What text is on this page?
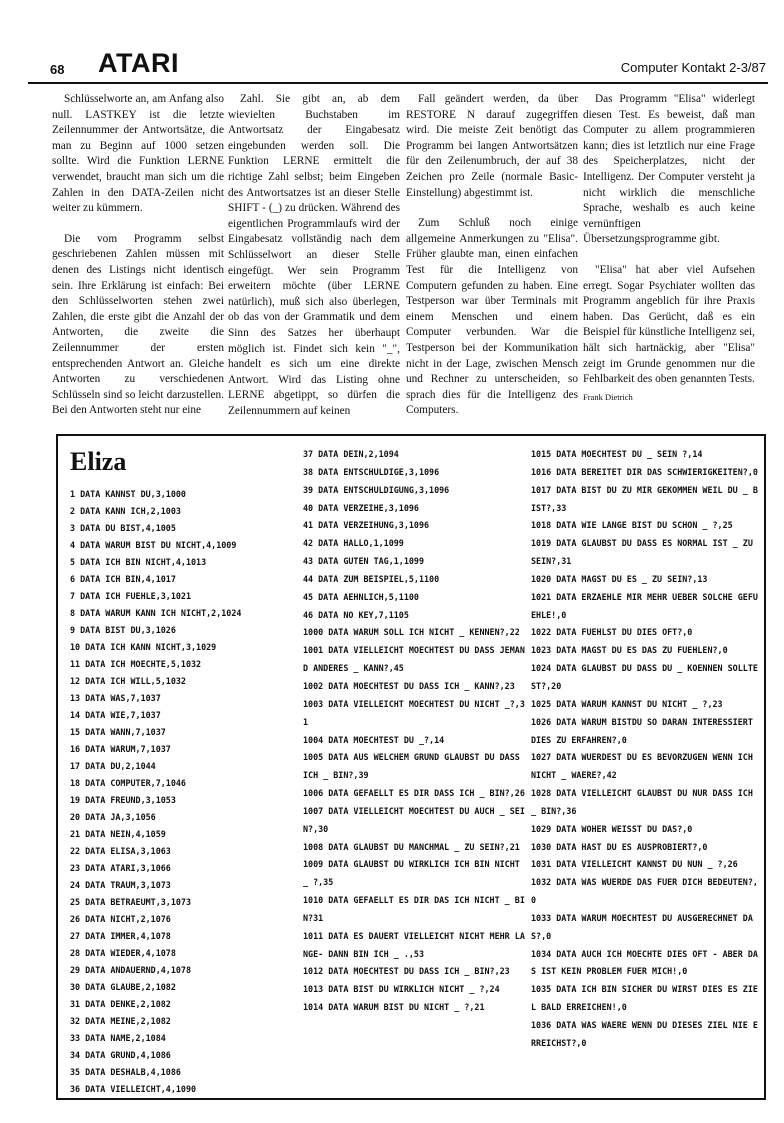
68 ATARI	Computer Kontakt 2-3/87

Schlüsselworte an, am Anfang also null. LASTKEY ist die letzte Zeilennummer der Antwortsätze, die man zu Beginn auf 1000 setzen sollte. Wird die Funktion LERNE verwendet, braucht man sich um die Zahlen in den DATA-Zeilen nicht weiter zu kümmern.

Die vom Programm selbst geschriebenen Zahlen müssen mit denen des Listings nicht identisch sein. Ihre Erklärung ist einfach: Bei den Schlüsselworten stehen zwei Zahlen, die erste gibt die Anzahl der Antworten, die zweite die Zeilennummer der ersten entsprechenden Antwort an. Gleiche Antworten zu verschiedenen Schlüsseln sind so leicht darzustellen. Bei den Antworten steht nur eine

Zahl. Sie gibt an, ab dem wievielten Buchstaben im Antwortsatz der Eingabesatz eingebunden werden soll. Die Funktion LERNE ermittelt die richtige Zahl selbst; beim Eingeben des Antwortsatzes ist an dieser Stelle SHIFT - (_) zu drücken. Während des eigentlichen Programmlaufs wird der Eingabesatz vollständig nach dem Schlüsselwort an dieser Stelle eingefügt. Wer sein Programm erweitern möchte (über LERNE natürlich), muß sich also überlegen, ob das von der Grammatik und dem Sinn des Satzes her überhaupt möglich ist. Findet sich kein "_", handelt es sich um eine direkte Antwort. Wird das Listing ohne LERNE abgetippt, so dürfen die Zeilennummern auf keinen

Fall geändert werden, da über RESTORE N darauf zugegriffen wird. Die meiste Zeit benötigt das Programm bei langen Antwortsätzen für den Zeilenumbruch, der auf 38 Zeichen pro Zeile (normale Basic-Einstellung) abgestimmt ist.

Zum Schluß noch einige allgemeine Anmerkungen zu "Elisa". Früher glaubte man, einen einfachen Test für die Intelligenz von Computern gefunden zu haben. Eine Testperson war über Terminals mit einem Menschen und einem Computer verbunden. War die Testperson bei der Kommunikation nicht in der Lage, zwischen Mensch und Rechner zu unterscheiden, so sprach dies für die Intelligenz des Computers.

Das Programm "Elisa" widerlegt diesen Test. Es beweist, daß man Computer zu allem programmieren kann; dies ist letztlich nur eine Frage des Speicherplatzes, nicht der Intelligenz. Der Computer versteht ja nicht wirklich die menschliche Sprache, weshalb es auch keine vernünftigen Übersetzungsprogramme gibt.

"Elisa" hat aber viel Aufsehen erregt. Sogar Psychiater wollten das Programm angeblich für ihre Praxis haben. Das Gerücht, daß es ein Beispiel für künstliche Intelligenz sei, hält sich hartnäckig, aber "Elisa" zeigt im Grunde genommen nur die Fehlbarkeit des oben genannten Tests.

Frank Dietrich
Eliza
1 DATA KANNST DU,3,1000
2 DATA KANN ICH,2,1003
3 DATA DU BIST,4,1005
4 DATA WARUM BIST DU NICHT,4,1009
5 DATA ICH BIN NICHT,4,1013
6 DATA ICH BIN,4,1017
7 DATA ICH FUEHLE,3,1021
8 DATA WARUM KANN ICH NICHT,2,1024
9 DATA BIST DU,3,1026
10 DATA ICH KANN NICHT,3,1029
11 DATA ICH MOECHTE,5,1032
12 DATA ICH WILL,5,1032
13 DATA WAS,7,1037
14 DATA WIE,7,1037
15 DATA WANN,7,1037
16 DATA WARUM,7,1037
17 DATA DU,2,1044
18 DATA COMPUTER,7,1046
19 DATA FREUND,3,1053
20 DATA JA,3,1056
21 DATA NEIN,4,1059
22 DATA ELISA,3,1063
23 DATA ATARI,3,1066
24 DATA TRAUM,3,1073
25 DATA BETRAEUMT,3,1073
26 DATA NICHT,2,1076
27 DATA IMMER,4,1078
28 DATA WIEDER,4,1078
29 DATA ANDAUERND,4,1078
30 DATA GLAUBE,2,1082
31 DATA DENKE,2,1082
32 DATA MEINE,2,1082
33 DATA NAME,2,1084
34 DATA GRUND,4,1086
35 DATA DESHALB,4,1086
36 DATA VIELLEICHT,4,1090
37 DATA DEIN,2,1094
38 DATA ENTSCHULDIGE,3,1096
39 DATA ENTSCHULDIGUNG,3,1096
40 DATA VERZEIHE,3,1096
41 DATA VERZEIHUNG,3,1096
42 DATA HALLO,1,1099
43 DATA GUTEN TAG,1,1099
44 DATA ZUM BEISPIEL,5,1100
45 DATA AEHNLICH,5,1100
46 DATA NO KEY,7,1105
1000 DATA WARUM SOLL ICH NICHT _ KENNEN?,22
1001 DATA VIELLEICHT MOECHTEST DU DASS JEMAND ANDERES _ KANN?,45
1002 DATA MOECHTEST DU DASS ICH _ KANN?,23
1003 DATA VIELLEICHT MOECHTEST DU NICHT _?,31
1004 DATA MOECHTEST DU _?,14
1005 DATA AUS WELCHEM GRUND GLAUBST DU DASS ICH _ BIN?,39
1006 DATA GEFAELLT ES DIR DASS ICH _ BIN?,26
1007 DATA VIELLEICHT MOECHTEST DU AUCH _ SEIN?,30
1008 DATA GLAUBST DU MANCHMAL _ ZU SEIN?,21
1009 DATA GLAUBST DU WIRKLICH ICH BIN NICHT _ ?,35
1010 DATA GEFAELLT ES DIR DAS ICH NICHT _ BIN?31
1011 DATA ES DAUERT VIELLEICHT NICHT MEHR LANGE- DANN BIN ICH _ .,53
1012 DATA MOECHTEST DU DASS ICH _ BIN?,23
1013 DATA BIST DU WIRKLICH NICHT _ ?,24
1014 DATA WARUM BIST DU NICHT _ ?,21
1015 DATA MOECHTEST DU _ SEIN ?,14
1016 DATA BEREITET DIR DAS SCHWIERIGKEITEN?,0
1017 DATA BIST DU ZU MIR GEKOMMEN WEIL DU _ BIST?,33
1018 DATA WIE LANGE BIST DU SCHON _ ?,25
1019 DATA GLAUBST DU DASS ES NORMAL IST _ ZU SEIN?,31
1020 DATA MAGST DU ES _ ZU SEIN?,13
1021 DATA ERZAEHLE MIR MEHR UEBER SOLCHE GEFUEHLE!,0
1022 DATA FUEHLST DU DIES OFT?,0
1023 DATA MAGST DU ES DAS ZU FUEHLEN?,0
1024 DATA GLAUBST DU DASS DU _ KOENNEN SOLLTEST?,20
1025 DATA WARUM KANNST DU NICHT _ ?,23
1026 DATA WARUM BISTDU SO DARAN INTERESSIERT DIES ZU ERFAHREN?,0
1027 DATA WUERDEST DU ES BEVORZUGEN WENN ICH NICHT _ WAERE?,42
1028 DATA VIELLEICHT GLAUBST DU NUR DASS ICH _ BIN?,36
1029 DATA WOHER WEISST DU DAS?,0
1030 DATA HAST DU ES AUSPROBIERT?,0
1031 DATA VIELLEICHT KANNST DU NUN _ ?,26
1032 DATA WAS WUERDE DAS FUER DICH BEDEUTEN?,0
1033 DATA WARUM MOECHTEST DU AUSGERECHNET DAS?,0
1034 DATA AUCH ICH MOECHTE DIES OFT - ABER DAS IST KEIN PROBLEM FUER MICH!,0
1035 DATA ICH BIN SICHER DU WIRST DIES ES ZIEL BALD ERREICHEN!,0
1036 DATA WAS WAERE WENN DU DIESES ZIEL NIE ERREICHST?,0
